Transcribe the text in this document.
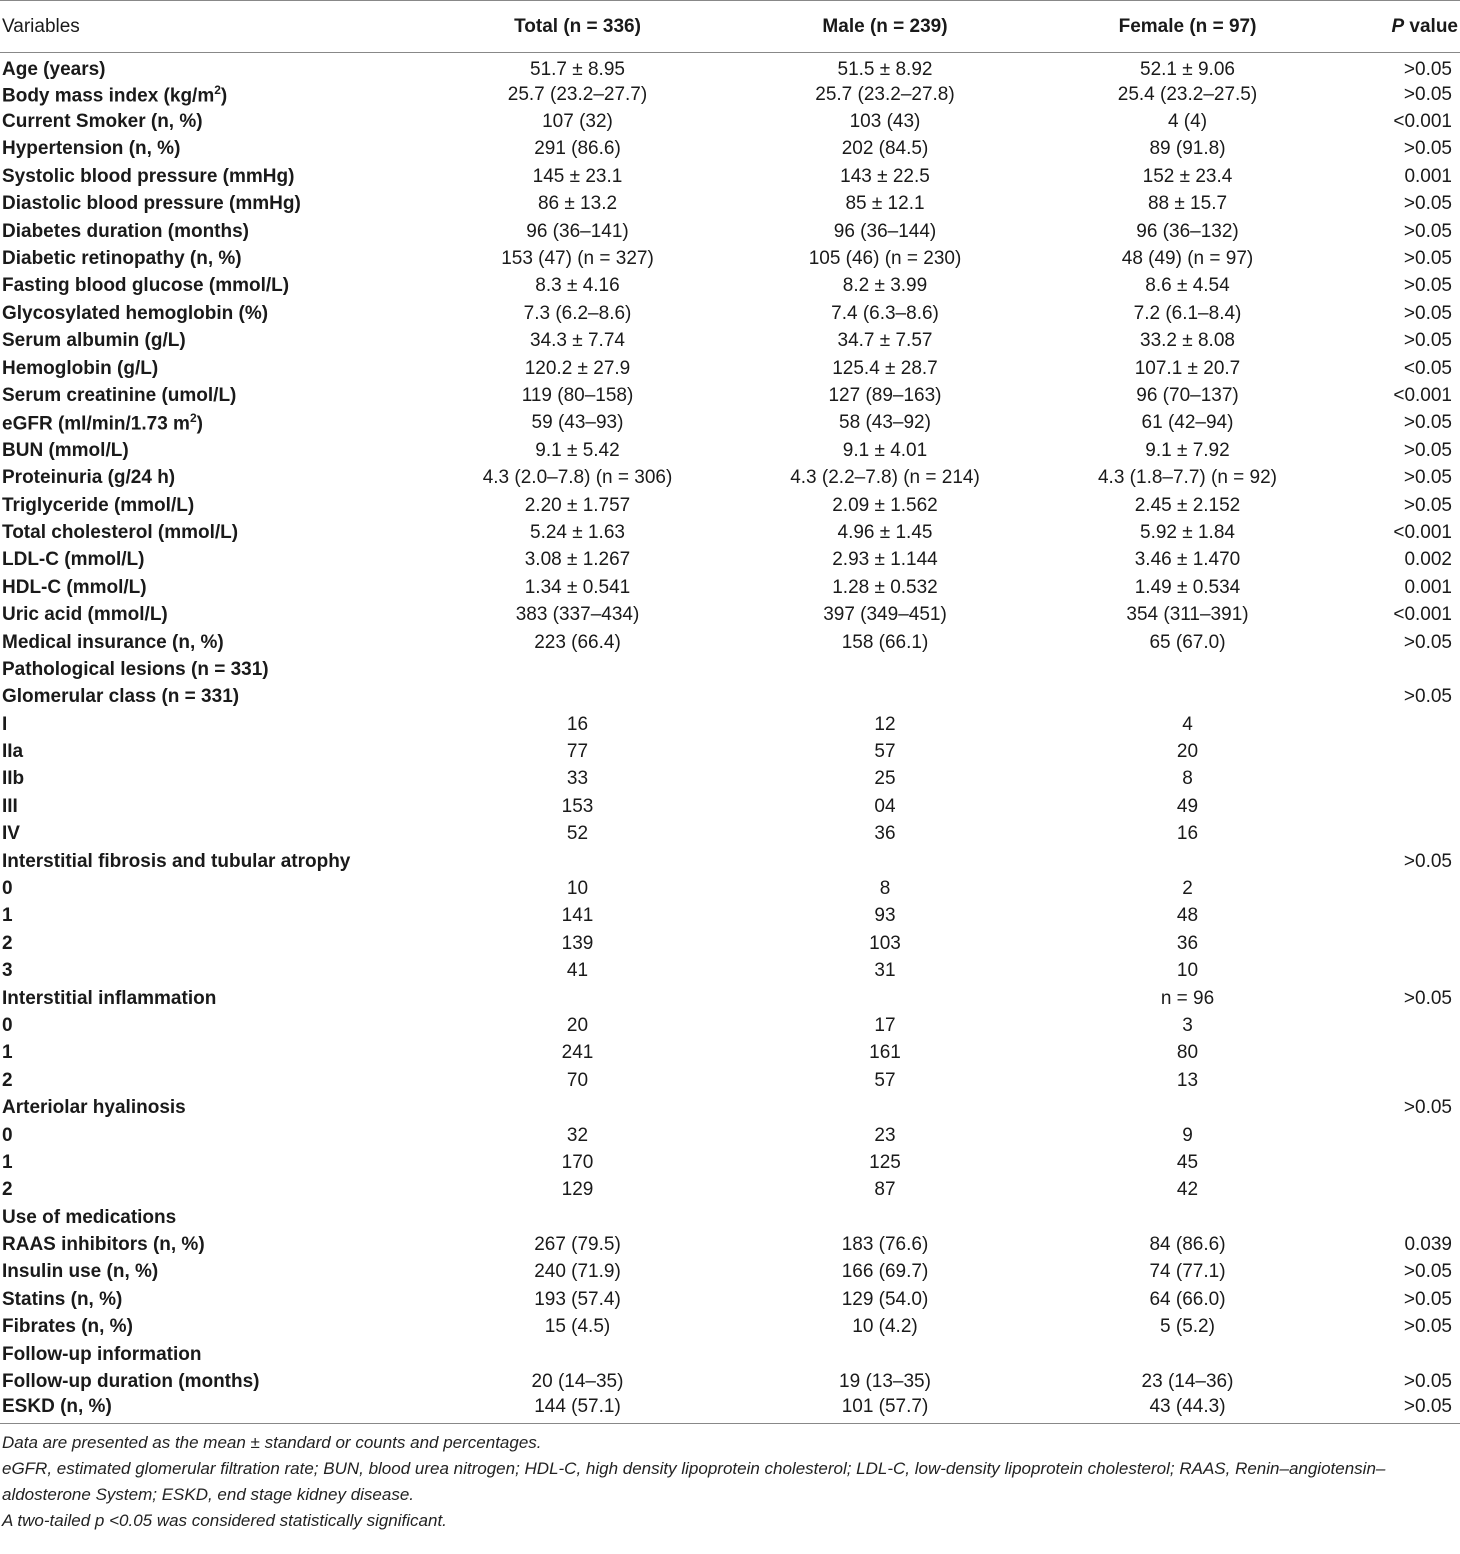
Variables	Total (n = 336)	Male (n = 239)	Female (n = 97)	P value
Age (years)	51.7 ± 8.95	51.5 ± 8.92	52.1 ± 9.06	>0.05
Body mass index $(kg/m^2)$	25.7 (23.2–27.7)	25.7 (23.2–27.8)	25.4 (23.2–27.5)	>0.05
Current Smoker (n, %)	107 (32)	103 (43)	4 (4)	<0.001
Hypertension (n, %)	291 (86.6)	202 (84.5)	89 (91.8)	>0.05
Systolic blood pressure (mmHg)	145 ± 23.1	143 ± 22.5	152 ± 23.4	0.001
Diastolic blood pressure (mmHg)	86 ± 13.2	85 ± 12.1	88 ± 15.7	>0.05
Diabetes duration (months)	96 (36–141)	96 (36–144)	96 (36–132)	>0.05
Diabetic retinopathy (n, %)	153 (47) (n = 327)	105 (46) (n = 230)	48 (49) (n = 97)	>0.05
Fasting blood glucose (mmol/L)	8.3 ± 4.16	8.2 ± 3.99	8.6 ± 4.54	>0.05
Glycosylated hemoglobin (%)	7.3 (6.2–8.6)	7.4 (6.3–8.6)	7.2 (6.1–8.4)	>0.05
Serum albumin (g/L)	34.3 ± 7.74	34.7 ± 7.57	33.2 ± 8.08	>0.05
Hemoglobin (g/L)	120.2 ± 27.9	125.4 ± 28.7	107.1 ± 20.7	<0.05
Serum creatinine (umol/L)	119 (80–158)	127 (89–163)	96 (70–137)	<0.001
eGFR (ml/min/1.73 $m^2$)	59 (43–93)	58 (43–92)	61 (42–94)	>0.05
BUN (mmol/L)	9.1 ± 5.42	9.1 ± 4.01	9.1 ± 7.92	>0.05
Proteinuria (g/24 h)	4.3 (2.0–7.8) (n = 306)	4.3 (2.2–7.8) (n = 214)	4.3 (1.8–7.7) (n = 92)	>0.05
Triglyceride (mmol/L)	2.20 ± 1.757	2.09 ± 1.562	2.45 ± 2.152	>0.05
Total cholesterol (mmol/L)	5.24 ± 1.63	4.96 ± 1.45	5.92 ± 1.84	<0.001
LDL-C (mmol/L)	3.08 ± 1.267	2.93 ± 1.144	3.46 ± 1.470	0.002
HDL-C (mmol/L)	1.34 ± 0.541	1.28 ± 0.532	1.49 ± 0.534	0.001
Uric acid (mmol/L)	383 (337–434)	397 (349–451)	354 (311–391)	<0.001
Medical insurance (n, %)	223 (66.4)	158 (66.1)	65 (67.0)	>0.05
Pathological lesions (n = 331)				
Glomerular class (n = 331)				>0.05
I	16	12	4	
IIa	77	57	20	
IIb	33	25	8	
III	153	04	49	
IV	52	36	16	
Interstitial fibrosis and tubular atrophy				>0.05
0	10	8	2	
1	141	93	48	
2	139	103	36	
3	41	31	10	
Interstitial inflammation			n = 96	>0.05
0	20	17	3	
1	241	161	80	
2	70	57	13	
Arteriolar hyalinosis				>0.05
0	32	23	9	
1	170	125	45	
2	129	87	42	
Use of medications				
RAAS inhibitors (n, %)	267 (79.5)	183 (76.6)	84 (86.6)	0.039
Insulin use (n, %)	240 (71.9)	166 (69.7)	74 (77.1)	>0.05
Statins (n, %)	193 (57.4)	129 (54.0)	64 (66.0)	>0.05
Fibrates (n, %)	15 (4.5)	10 (4.2)	5 (5.2)	>0.05
Follow-up information				
Follow-up duration (months)	20 (14–35)	19 (13–35)	23 (14–36)	>0.05
ESKD (n, %)	144 (57.1)	101 (57.7)	43 (44.3)	>0.05

Data are presented as the mean ± standard or counts and percentages.

eGFR, estimated glomerular filtration rate; BUN, blood urea nitrogen; HDL-C, high density lipoprotein cholesterol; LDL-C, low-density lipoprotein cholesterol; RAAS, Renin–angiotensin–aldosterone System; ESKD, end stage kidney disease.

A two-tailed p <0.05 was considered statistically significant.
